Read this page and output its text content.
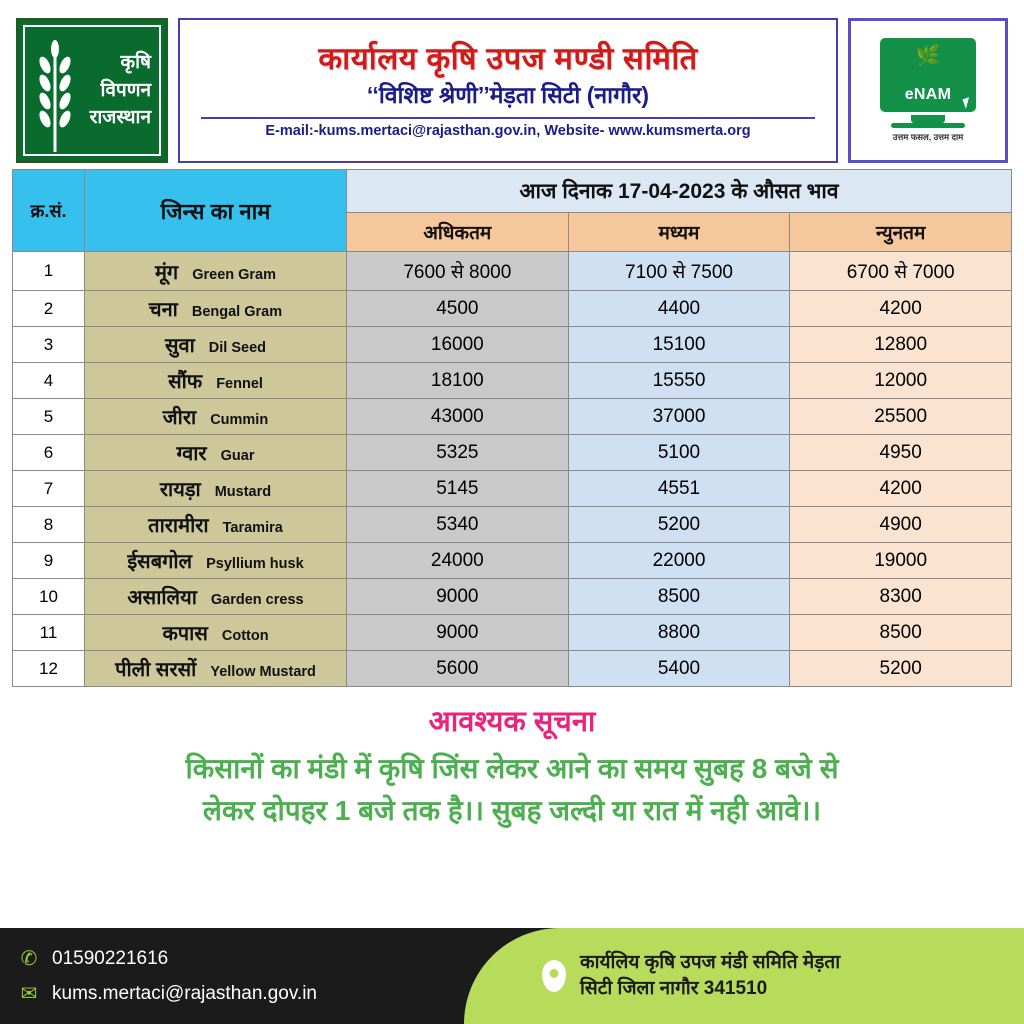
कृषि
विपणन
राजस्थान
कार्यालय कृषि उपज मण्डी समिति
‘‘विशिष्ट श्रेणी’’मेड़ता सिटी (नागौर)
E-mail:-kums.mertaci@rajasthan.gov.in, Website- www.kumsmerta.org
🌿
eNAM
उत्तम फसल, उत्तम दाम
क्र.सं.	जिन्स का नाम	आज दिनाक 17-04-2023 के औसत भाव		
		अधिकतम	मध्यम	न्युनतम
1	मूंग Green Gram	7600 से 8000	7100 से 7500	6700 से 7000
2	चना Bengal Gram	4500	4400	4200
3	सुवा Dil Seed	16000	15100	12800
4	सौंफ Fennel	18100	15550	12000
5	जीरा Cummin	43000	37000	25500
6	ग्वार Guar	5325	5100	4950
7	रायड़ा Mustard	5145	4551	4200
8	तारामीरा Taramira	5340	5200	4900
9	ईसबगोल Psyllium husk	24000	22000	19000
10	असालिया Garden cress	9000	8500	8300
11	कपास Cotton	9000	8800	8500
12	पीली सरसों Yellow Mustard	5600	5400	5200
आवश्यक सूचना
किसानों का मंडी में कृषि जिंस लेकर आने का समय सुबह 8 बजे से
लेकर दोपहर 1 बजे तक है।। सुबह जल्दी या रात में नही आवे।।
✆ 01590221616
✉ kums.mertaci@rajasthan.gov.in
कार्यलिय कृषि उपज मंडी समिति मेड़ता
सिटी जिला नागौर 341510
